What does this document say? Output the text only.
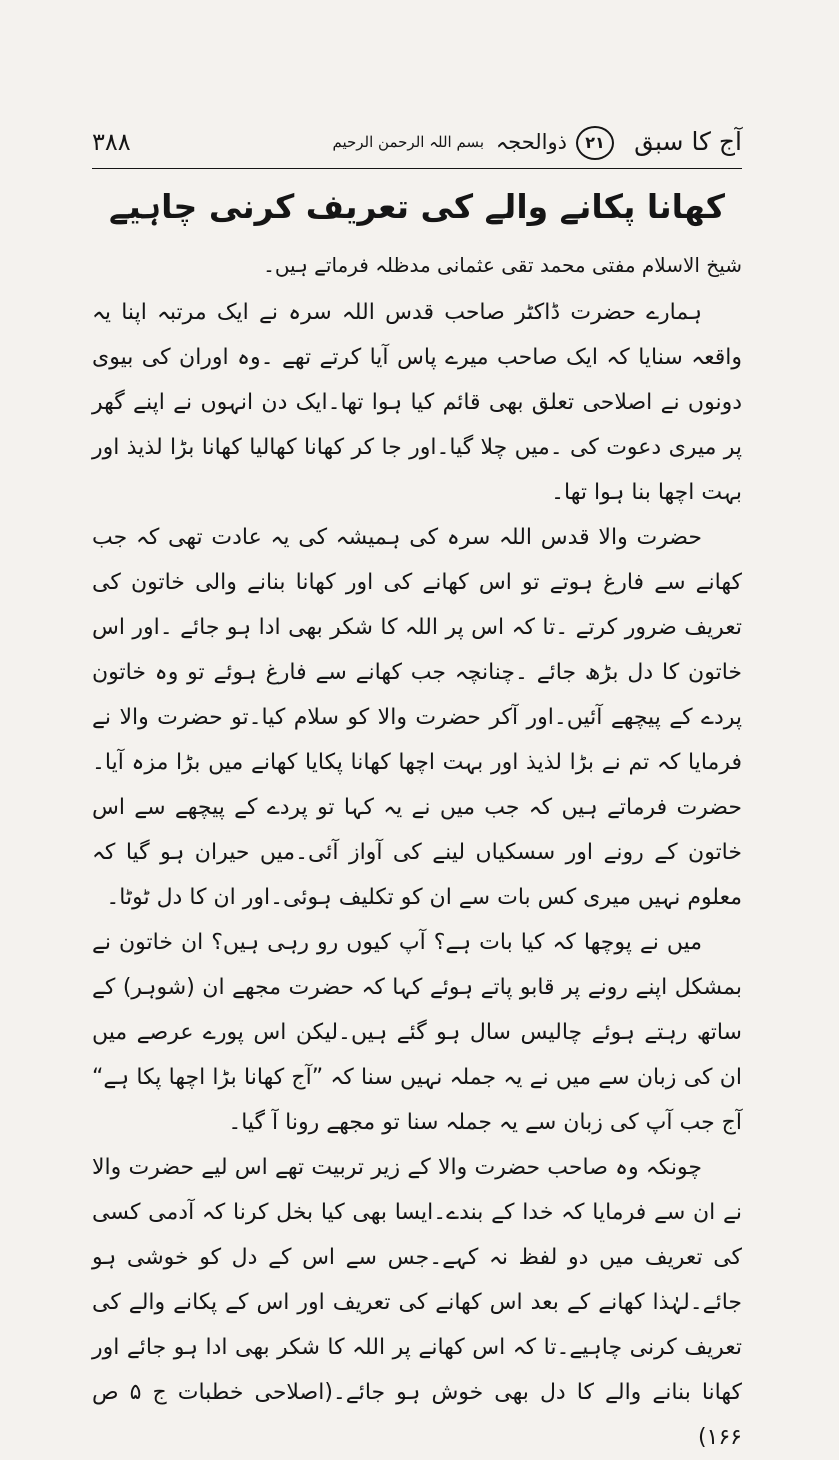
آج کا سبق
۲۱
ذوالحجہ
بسم اللہ الرحمن الرحیم
۳۸۸
کھانا پکانے والے کی تعریف کرنی چاہیے
شیخ الاسلام مفتی محمد تقی عثمانی مدظلہ فرماتے ہیں۔

ہمارے حضرت ڈاکٹر صاحب قدس اللہ سرہ نے ایک مرتبہ اپنا یہ واقعہ سنایا کہ ایک صاحب میرے پاس آیا کرتے تھے ۔وہ اوران کی بیوی دونوں نے اصلاحی تعلق بھی قائم کیا ہوا تھا۔ایک دن انہوں نے اپنے گھر پر میری دعوت کی ۔میں چلا گیا۔اور جا کر کھانا کھالیا کھانا بڑا لذیذ اور بہت اچھا بنا ہوا تھا۔

حضرت والا قدس اللہ سرہ کی ہمیشہ کی یہ عادت تھی کہ جب کھانے سے فارغ ہوتے تو اس کھانے کی اور کھانا بنانے والی خاتون کی تعریف ضرور کرتے ۔تا کہ اس پر اللہ کا شکر بھی ادا ہو جائے ۔اور اس خاتون کا دل بڑھ جائے ۔چنانچہ جب کھانے سے فارغ ہوئے تو وہ خاتون پردے کے پیچھے آئیں۔اور آکر حضرت والا کو سلام کیا۔تو حضرت والا نے فرمایا کہ تم نے بڑا لذیذ اور بہت اچھا کھانا پکایا کھانے میں بڑا مزہ آیا۔حضرت فرماتے ہیں کہ جب میں نے یہ کہا تو پردے کے پیچھے سے اس خاتون کے رونے اور سسکیاں لینے کی آواز آئی۔میں حیران ہو گیا کہ معلوم نہیں میری کس بات سے ان کو تکلیف ہوئی۔اور ان کا دل ٹوٹا۔

میں نے پوچھا کہ کیا بات ہے؟ آپ کیوں رو رہی ہیں؟ ان خاتون نے بمشکل اپنے رونے پر قابو پاتے ہوئے کہا کہ حضرت مجھے ان (شوہر) کے ساتھ رہتے ہوئے چالیس سال ہو گئے ہیں۔لیکن اس پورے عرصے میں ان کی زبان سے میں نے یہ جملہ نہیں سنا کہ ”آج کھانا بڑا اچھا پکا ہے“ آج جب آپ کی زبان سے یہ جملہ سنا تو مجھے رونا آ گیا۔

چونکہ وہ صاحب حضرت والا کے زیر تربیت تھے اس لیے حضرت والا نے ان سے فرمایا کہ خدا کے بندے۔ایسا بھی کیا بخل کرنا کہ آدمی کسی کی تعریف میں دو لفظ نہ کہے۔جس سے اس کے دل کو خوشی ہو جائے۔لہٰذا کھانے کے بعد اس کھانے کی تعریف اور اس کے پکانے والے کی تعریف کرنی چاہیے۔تا کہ اس کھانے پر اللہ کا شکر بھی ادا ہو جائے اور کھانا بنانے والے کا دل بھی خوش ہو جائے۔(اصلاحی خطبات ج ۵ ص ۱۶۶)
